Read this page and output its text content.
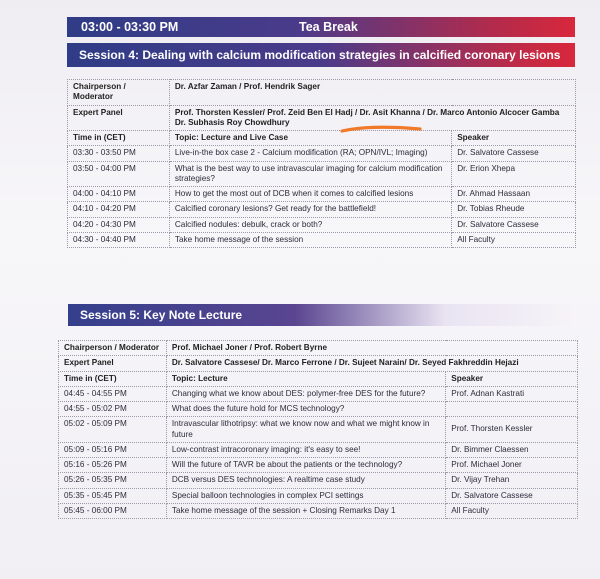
03:00 - 03:30 PM	Tea Break
Session 4: Dealing with calcium modification strategies in calcified coronary lesions
Chairperson / Moderator	Dr. Azfar Zaman / Prof. Hendrik Sager	
Expert Panel	Prof. Thorsten Kessler/ Prof. Zeid Ben El Hadj / Dr. Asit Khanna / Dr. Marco Antonio Alcocer Gamba Dr. Subhasis Roy Chowdhury	
Time in (CET)	Topic: Lecture and Live Case	Speaker
03:30 - 03:50 PM	Live-in-the box case 2 - Calcium modification (RA; OPN/IVL; Imaging)	Dr. Salvatore Cassese
03:50 - 04:00 PM	What is the best way to use intravascular imaging for calcium modification strategies?	Dr. Erion Xhepa
04:00 - 04:10 PM	How to get the most out of DCB when it comes to calcified lesions	Dr. Ahmad Hassaan
04:10 - 04:20 PM	Calcified coronary lesions? Get ready for the battlefield!	Dr. Tobias Rheude
04:20 - 04:30 PM	Calcified nodules: debulk, crack or both?	Dr. Salvatore Cassese
04:30 - 04:40 PM	Take home message of the session	All Faculty
Session 5: Key Note Lecture
Chairperson / Moderator	Prof. Michael Joner / Prof. Robert Byrne	
Expert Panel	Dr. Salvatore Cassese/ Dr. Marco Ferrone / Dr. Sujeet Narain/ Dr. Seyed Fakhreddin Hejazi	
Time in (CET)	Topic: Lecture	Speaker
04:45 - 04:55 PM	Changing what we know about DES: polymer-free DES for the future?	Prof. Adnan Kastrati
04:55 - 05:02 PM	What does the future hold for MCS technology?	
05:02 - 05:09 PM	Intravascular lithotripsy: what we know now and what we might know in future	Prof. Thorsten Kessler
05:09 - 05:16 PM	Low-contrast intracoronary imaging: it's easy to see!	Dr. Bimmer Claessen
05:16 - 05:26 PM	Will the future of TAVR be about the patients or the technology?	Prof. Michael Joner
05:26 - 05:35 PM	DCB versus DES technologies: A realtime case study	Dr. Vijay Trehan
05:35 - 05:45 PM	Special balloon technologies in complex PCI settings	Dr. Salvatore Cassese
05:45 - 06:00 PM	Take home message of the session + Closing Remarks Day 1	All Faculty
